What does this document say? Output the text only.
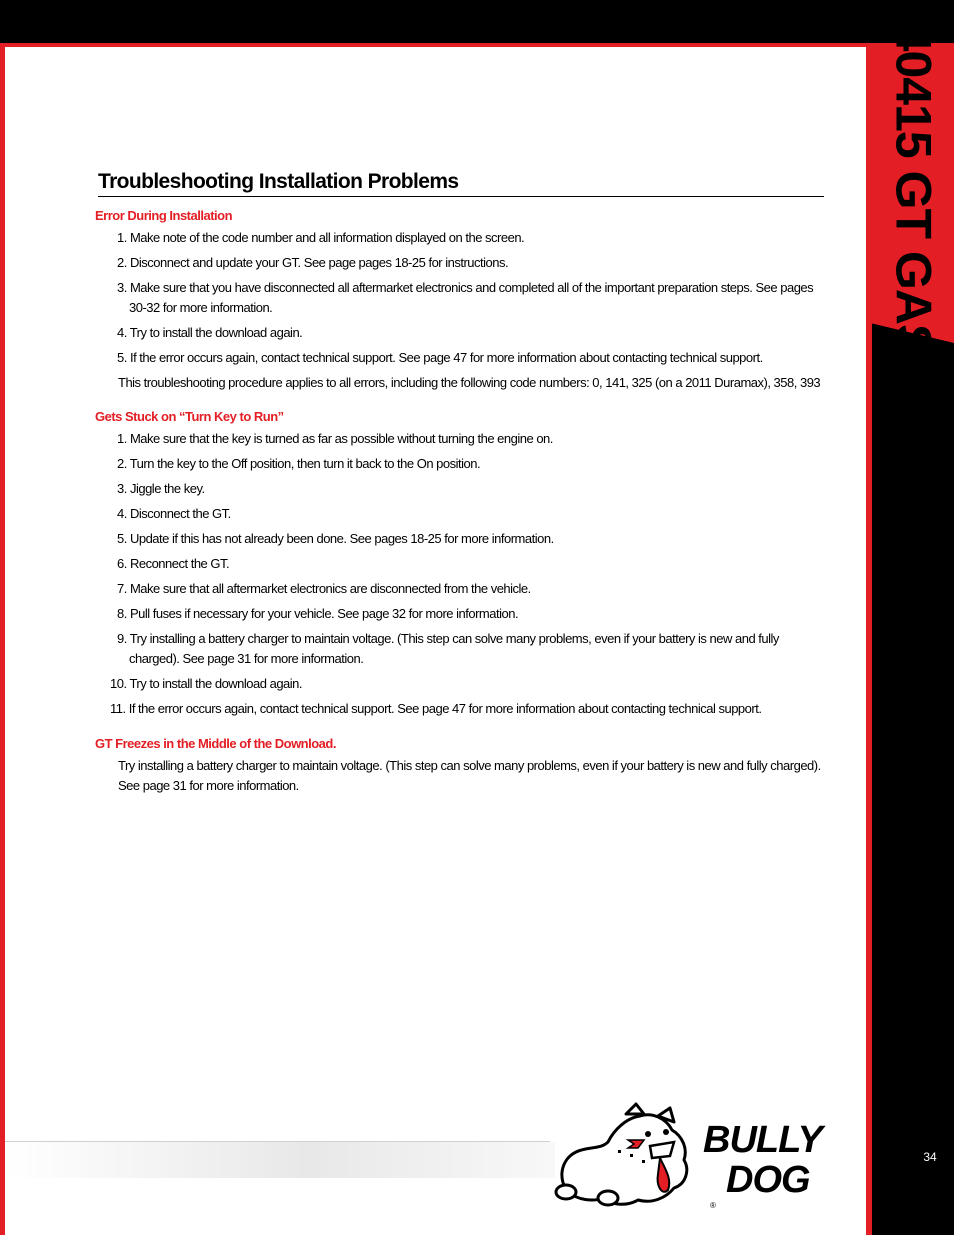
40415 GT GAS
Troubleshooting Installation Problems
Error During Installation
1. Make note of the code number and all information displayed on the screen.
2. Disconnect and update your GT. See page pages 18-25 for instructions.
3. Make sure that you have disconnected all aftermarket electronics and completed all of the important preparation steps. See pages 30-32 for more information.
4. Try to install the download again.
5. If the error occurs again, contact technical support. See page 47 for more information about contacting technical support.
This troubleshooting procedure applies to all errors, including the following code numbers: 0, 141, 325 (on a 2011 Duramax), 358, 393
Gets Stuck on “Turn Key to Run”
1. Make sure that the key is turned as far as possible without turning the engine on.
2. Turn the key to the Off position, then turn it back to the On position.
3. Jiggle the key.
4. Disconnect the GT.
5. Update if this has not already been done. See pages 18-25 for more information.
6. Reconnect the GT.
7. Make sure that all aftermarket electronics are disconnected from the vehicle.
8. Pull fuses if necessary for your vehicle. See page 32 for more information.
9. Try installing a battery charger to maintain voltage. (This step can solve many problems, even if your battery is new and fully charged). See page 31 for more information.
10. Try to install the download again.
11. If the error occurs again, contact technical support. See page 47 for more information about contacting technical support.
GT Freezes in the Middle of the Download.
Try installing a battery charger to maintain voltage. (This step can solve many problems, even if your battery is new and fully charged). See page 31 for more information.
BULLY
DOG
®
34
